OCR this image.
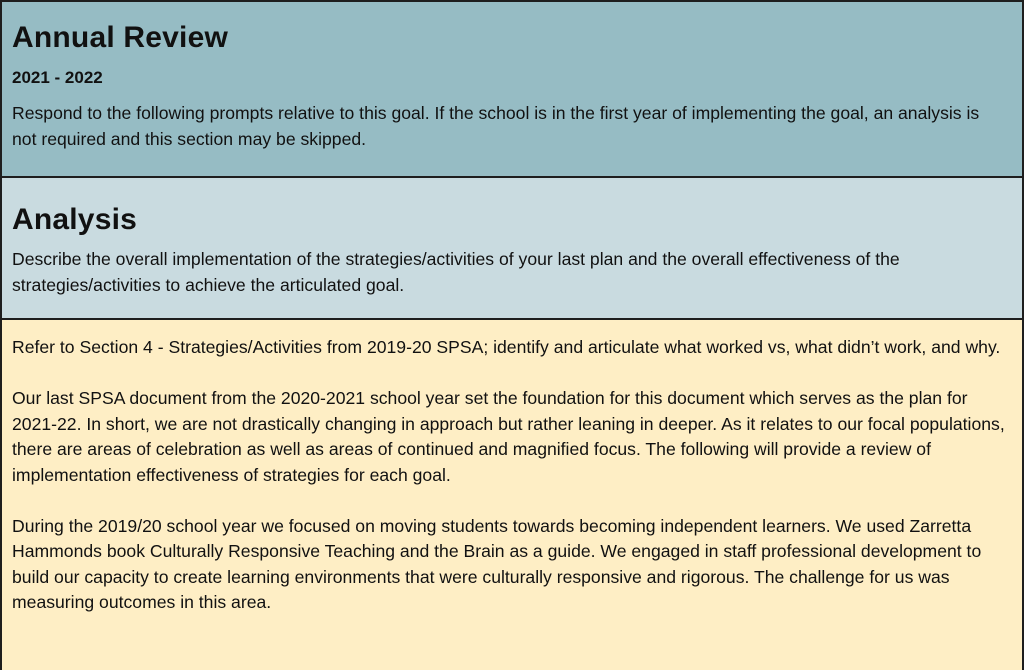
Annual Review
2021 - 2022
Respond to the following prompts relative to this goal. If the school is in the first year of implementing the goal, an analysis is not required and this section may be skipped.
Analysis
Describe the overall implementation of the strategies/activities of your last plan and the overall effectiveness of the strategies/activities to achieve the articulated goal.

Refer to Section 4 - Strategies/Activities from 2019-20 SPSA; identify and articulate what worked vs, what didn’t work, and why.

Our last SPSA document from the 2020-2021 school year set the foundation for this document which serves as the plan for 2021-22. In short, we are not drastically changing in approach but rather leaning in deeper. As it relates to our focal populations, there are areas of celebration as well as areas of continued and magnified focus. The following will provide a review of implementation effectiveness of strategies for each goal.

During the 2019/20 school year we focused on moving students towards becoming independent learners. We used Zarretta Hammonds book Culturally Responsive Teaching and the Brain as a guide. We engaged in staff professional development to build our capacity to create learning environments that were culturally responsive and rigorous. The challenge for us was measuring outcomes in this area.
